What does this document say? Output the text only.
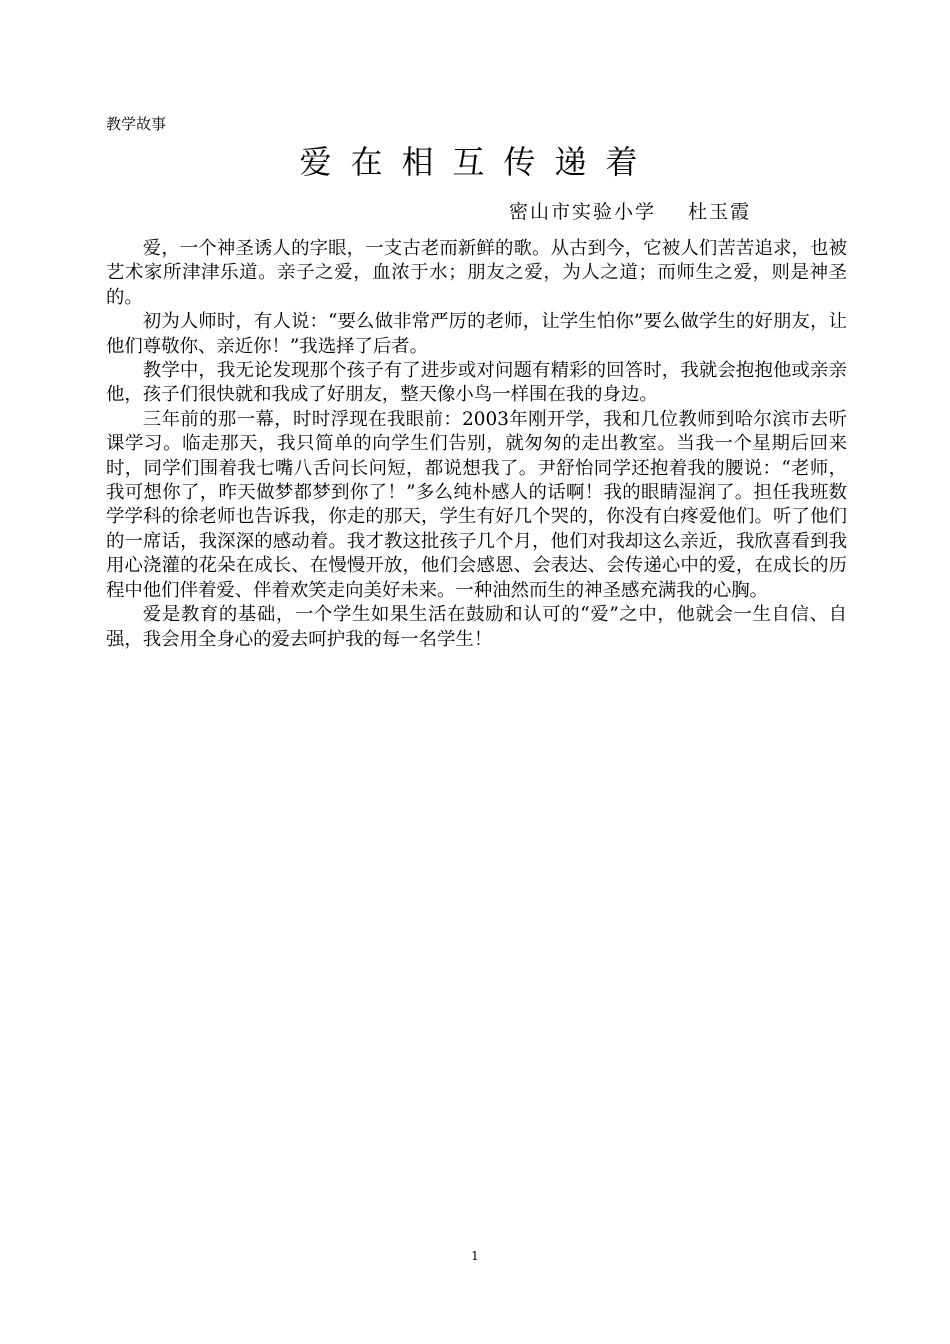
教学故事
爱在相互传递着
密山市实验小学    杜玉霞

爱，一个神圣诱人的字眼，一支古老而新鲜的歌。从古到今，它被人们苦苦追求，也被艺术家所津津乐道。亲子之爱，血浓于水；朋友之爱，为人之道；而师生之爱，则是神圣的。

初为人师时，有人说：“要么做非常严厉的老师，让学生怕你”要么做学生的好朋友，让他们尊敬你、亲近你！”我选择了后者。

教学中，我无论发现那个孩子有了进步或对问题有精彩的回答时，我就会抱抱他或亲亲他，孩子们很快就和我成了好朋友，整天像小鸟一样围在我的身边。

三年前的那一幕，时时浮现在我眼前：2003年刚开学，我和几位教师到哈尔滨市去听课学习。临走那天，我只简单的向学生们告别，就匆匆的走出教室。当我一个星期后回来时，同学们围着我七嘴八舌问长问短，都说想我了。尹舒怡同学还抱着我的腰说：“老师，我可想你了，昨天做梦都梦到你了！”多么纯朴感人的话啊！我的眼睛湿润了。担任我班数学学科的徐老师也告诉我，你走的那天，学生有好几个哭的，你没有白疼爱他们。听了他们的一席话，我深深的感动着。我才教这批孩子几个月，他们对我却这么亲近，我欣喜看到我用心浇灌的花朵在成长、在慢慢开放，他们会感恩、会表达、会传递心中的爱，在成长的历程中他们伴着爱、伴着欢笑走向美好未来。一种油然而生的神圣感充满我的心胸。

爱是教育的基础，一个学生如果生活在鼓励和认可的“爱”之中，他就会一生自信、自强，我会用全身心的爱去呵护我的每一名学生！

1
